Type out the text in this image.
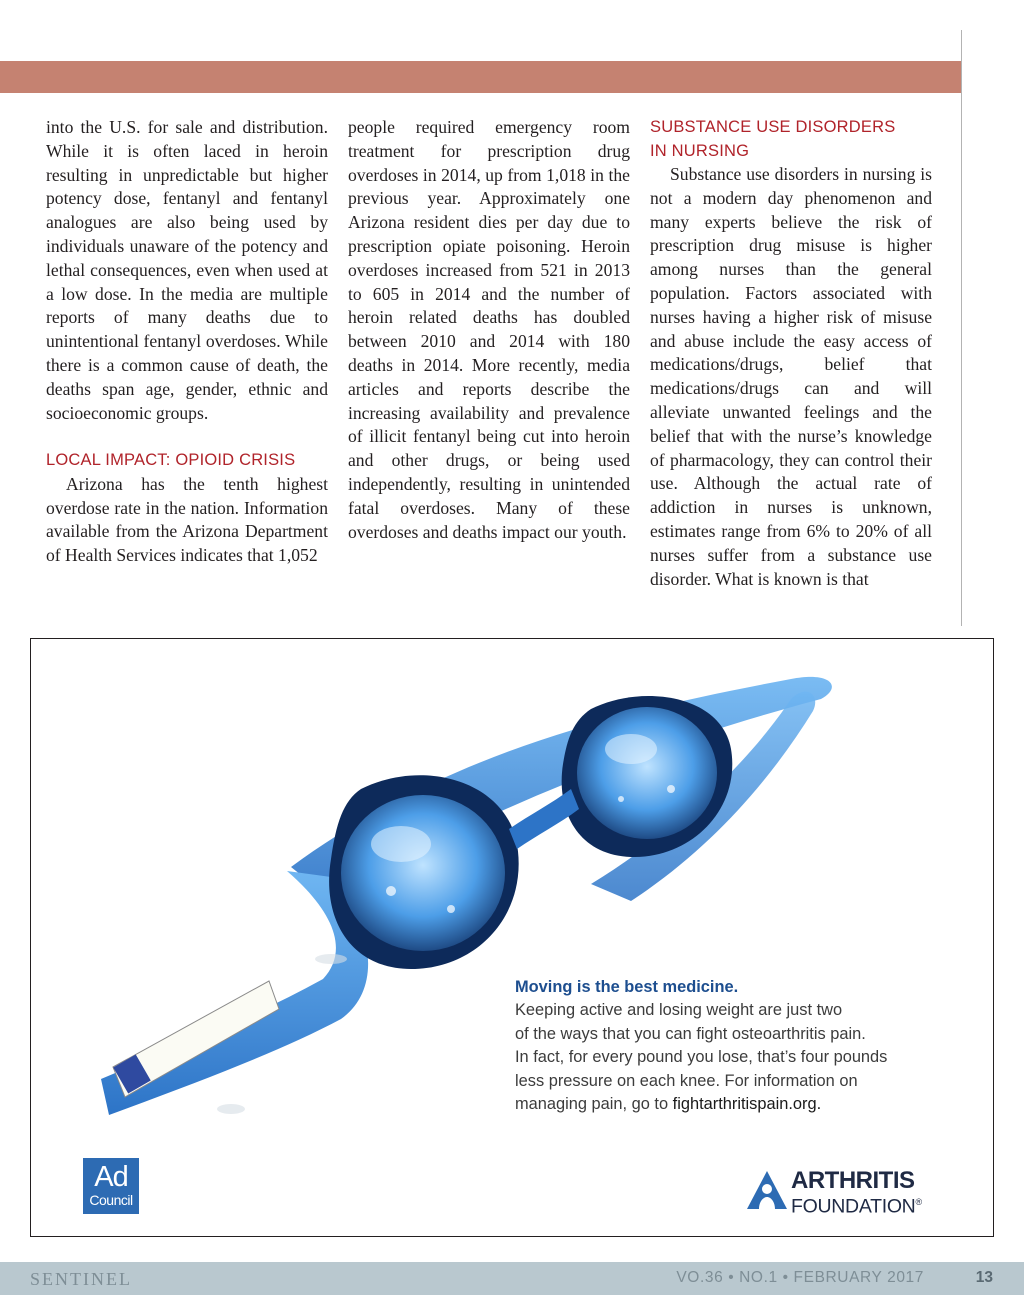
into the U.S. for sale and distribution. While it is often laced in heroin resulting in unpredictable but higher potency dose, fentanyl and fentanyl analogues are also being used by individuals unaware of the potency and lethal consequences, even when used at a low dose. In the media are multiple reports of many deaths due to unintentional fentanyl overdoses. While there is a common cause of death, the deaths span age, gender, ethnic and socioeconomic groups.

LOCAL IMPACT: OPIOID CRISIS

Arizona has the tenth highest overdose rate in the nation. Information available from the Arizona Department of Health Services indicates that 1,052

people required emergency room treatment for prescription drug overdoses in 2014, up from 1,018 in the previous year. Approximately one Arizona resident dies per day due to prescription opiate poisoning. Heroin overdoses increased from 521 in 2013 to 605 in 2014 and the number of heroin related deaths has doubled between 2010 and 2014 with 180 deaths in 2014. More recently, media articles and reports describe the increasing availability and prevalence of illicit fentanyl being cut into heroin and other drugs, or being used independently, resulting in unintended fatal overdoses. Many of these overdoses and deaths impact our youth.

SUBSTANCE USE DISORDERS
IN NURSING

Substance use disorders in nursing is not a modern day phenomenon and many experts believe the risk of prescription drug misuse is higher among nurses than the general population. Factors associated with nurses having a higher risk of misuse and abuse include the easy access of medications/drugs, belief that medications/drugs can and will alleviate unwanted feelings and the belief that with the nurse’s knowledge of pharmacology, they can control their use. Although the actual rate of addiction in nurses is unknown, estimates range from 6% to 20% of all nurses suffer from a substance use disorder. What is known is that

Moving is the best medicine.
Keeping active and losing weight are just two
of the ways that you can fight osteoarthritis pain.
In fact, for every pound you lose, that’s four pounds
less pressure on each knee. For information on
managing pain, go to fightarthritispain.org.
Ad
Council
ARTHRITIS
FOUNDATION®
SENTINEL	VO.36 • NO.1 • FEBRUARY 2017	13
